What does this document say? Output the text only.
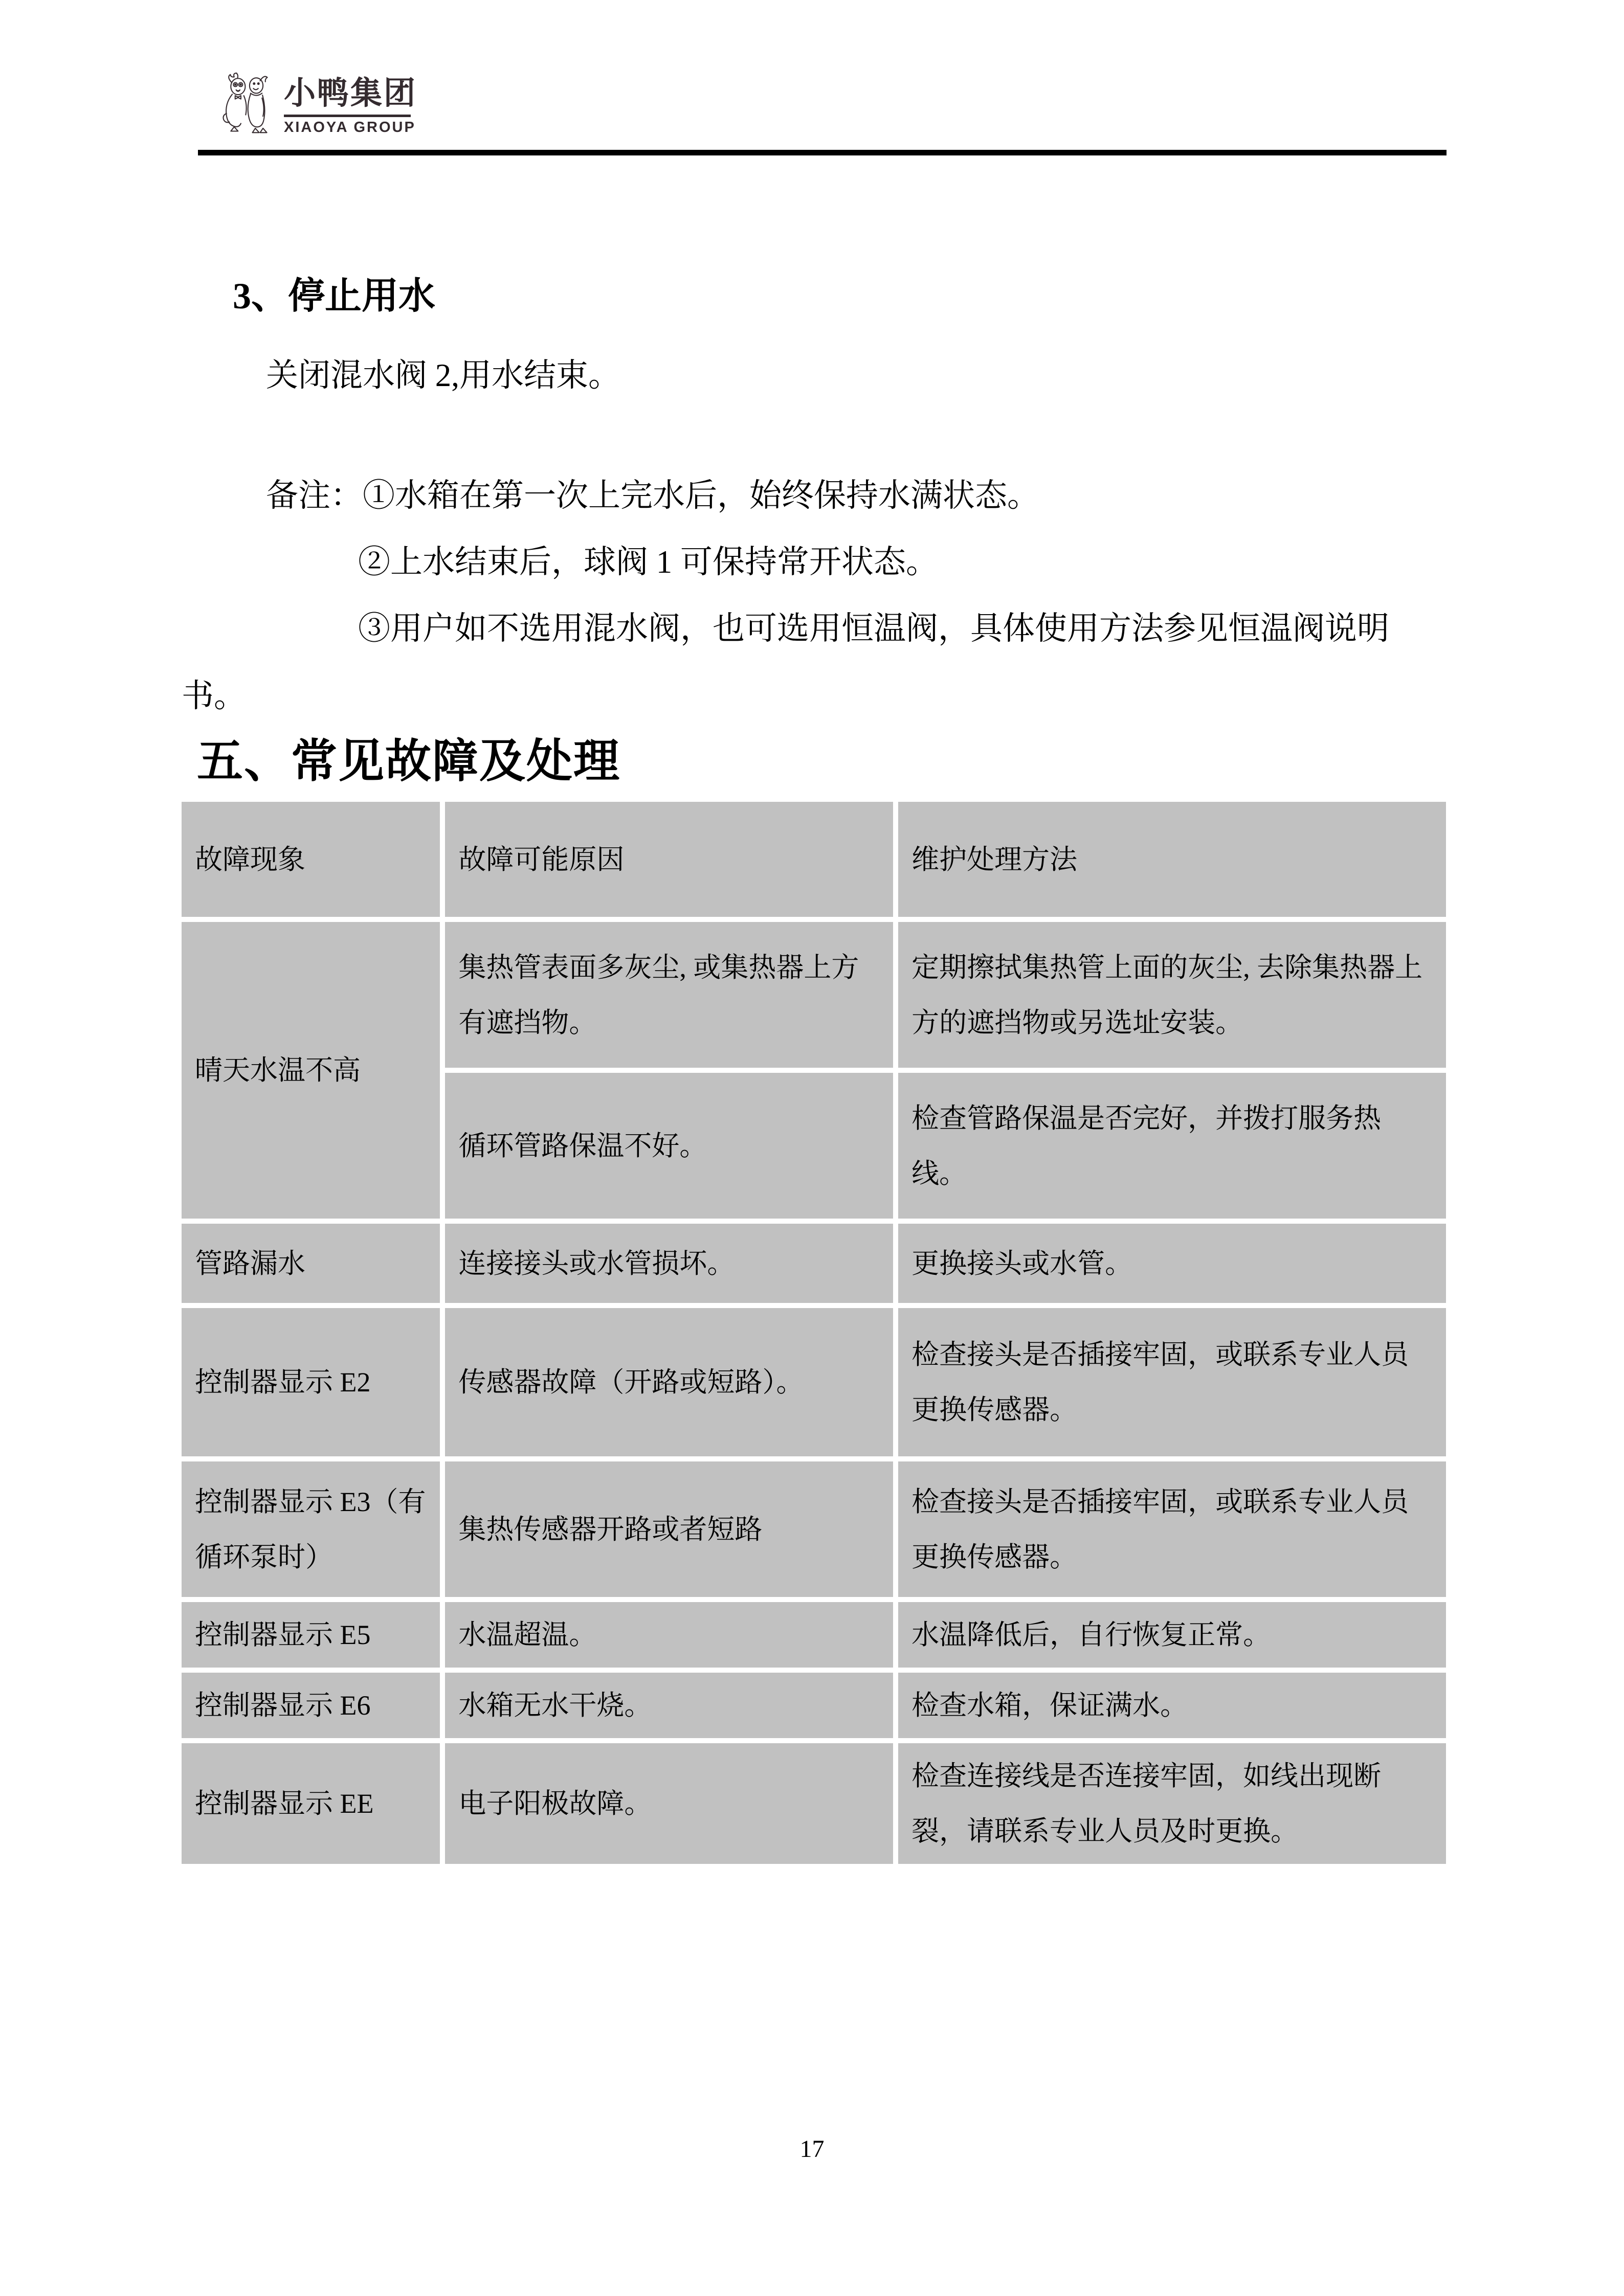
小鸭集团
XIAOYA GROUP
3、停止用水
关闭混水阀 2,用水结束。
备注：①水箱在第一次上完水后，始终保持水满状态。
②上水结束后，球阀 1 可保持常开状态。
③用户如不选用混水阀，也可选用恒温阀，具体使用方法参见恒温阀说明
书。
五、常见故障及处理
故障现象	故障可能原因	维护处理方法
晴天水温不高	集热管表面多灰尘, 或集热器上方有遮挡物。	定期擦拭集热管上面的灰尘, 去除集热器上方的遮挡物或另选址安装。
	循环管路保温不好。	检查管路保温是否完好，并拨打服务热线。
管路漏水	连接接头或水管损坏。	更换接头或水管。
控制器显示 E2	传感器故障（开路或短路）。	检查接头是否插接牢固，或联系专业人员更换传感器。
控制器显示 E3（有循环泵时）	集热传感器开路或者短路	检查接头是否插接牢固，或联系专业人员更换传感器。
控制器显示 E5	水温超温。	水温降低后，自行恢复正常。
控制器显示 E6	水箱无水干烧。	检查水箱，保证满水。
控制器显示 EE	电子阳极故障。	检查连接线是否连接牢固，如线出现断裂，请联系专业人员及时更换。
17
